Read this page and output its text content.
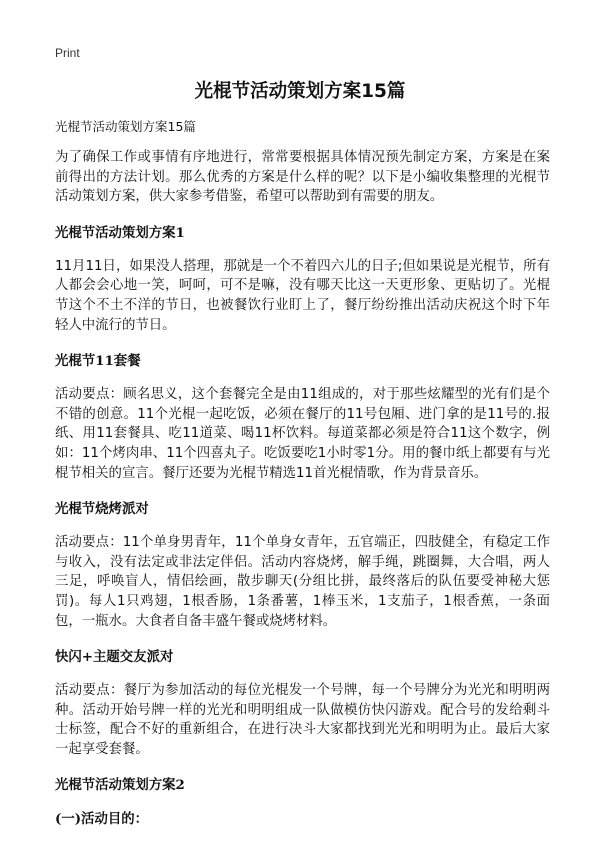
Print
光棍节活动策划方案15篇
光棍节活动策划方案15篇

为了确保工作或事情有序地进行，常常要根据具体情况预先制定方案，方案是在案前得出的方法计划。那么优秀的方案是什么样的呢？以下是小编收集整理的光棍节活动策划方案，供大家参考借鉴，希望可以帮助到有需要的朋友。

光棍节活动策划方案1

11月11日，如果没人搭理，那就是一个不着四六儿的日子;但如果说是光棍节，所有人都会会心地一笑，呵呵，可不是嘛，没有哪天比这一天更形象、更贴切了。光棍节这个不土不洋的节日，也被餐饮行业盯上了，餐厅纷纷推出活动庆祝这个时下年轻人中流行的节日。

光棍节11套餐

活动要点：顾名思义，这个套餐完全是由11组成的，对于那些炫耀型的光有们是个不错的创意。11个光棍一起吃饭，必须在餐厅的11号包厢、进门拿的是11号的.报纸、用11套餐具、吃11道菜、喝11杯饮料。每道菜都必须是符合11这个数字，例如：11个烤肉串、11个四喜丸子。吃饭要吃1小时零1分。用的餐巾纸上都要有与光棍节相关的宣言。餐厅还要为光棍节精选11首光棍情歌，作为背景音乐。

光棍节烧烤派对

活动要点：11个单身男青年，11个单身女青年，五官端正，四肢健全，有稳定工作与收入，没有法定或非法定伴侣。活动内容烧烤，解手绳，跳圈舞，大合唱，两人三足，呼唤盲人，情侣绘画，散步聊天(分组比拼，最终落后的队伍要受神秘大惩罚)。每人1只鸡翅，1根香肠，1条番薯，1棒玉米，1支茄子，1根香蕉，一条面包，一瓶水。大食者自备丰盛午餐或烧烤材料。

快闪+主题交友派对

活动要点：餐厅为参加活动的每位光棍发一个号牌，每一个号牌分为光光和明明两种。活动开始号牌一样的光光和明明组成一队做模仿快闪游戏。配合号的发给剩斗士标签，配合不好的重新组合，在进行决斗大家都找到光光和明明为止。最后大家一起享受套餐。

光棍节活动策划方案2
(一)活动目的：
